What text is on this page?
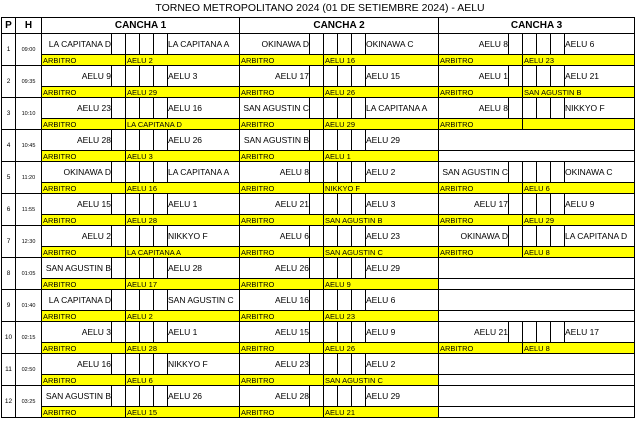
TORNEO METROPOLITANO 2024 (01 DE SETIEMBRE 2024) - AELU
P	H	CANCHA 1						CANCHA 2						CANCHA 3					
1	09:00	LA CAPITANA D					LA CAPITANA A	OKINAWA D					OKINAWA C	AELU 8					AELU 6
		ARBITRO		AELU 2				ARBITRO		AELU 16				ARBITRO		AELU 23			
2	09:35	AELU 9					AELU 3	AELU 17					AELU 15	AELU 1					AELU 21
		ARBITRO		AELU 29				ARBITRO		AELU 26				ARBITRO		SAN AGUSTIN B			
3	10:10	AELU 23					AELU 16	SAN AGUSTIN C					LA CAPITANA A	AELU 8					NIKKYO F
		ARBITRO		LA CAPITANA D				ARBITRO		AELU 29				ARBITRO					
4	10:45	AELU 28					AELU 26	SAN AGUSTIN B					AELU 29						
		ARBITRO		AELU 3				ARBITRO		AELU 1									
5	11:20	OKINAWA D					LA CAPITANA A	AELU 8					AELU 2	SAN AGUSTIN C					OKINAWA C
		ARBITRO		AELU 16				ARBITRO		NIKKYO F				ARBITRO		AELU 6			
6	11:55	AELU 15					AELU 1	AELU 21					AELU 3	AELU 17					AELU 9
		ARBITRO		AELU 28				ARBITRO		SAN AGUSTIN B				ARBITRO		AELU 29			
7	12:30	AELU 2					NIKKYO F	AELU 6					AELU 23	OKINAWA D					LA CAPITANA D
		ARBITRO		LA CAPITANA A				ARBITRO		SAN AGUSTIN C				ARBITRO		AELU 8			
8	01:05	SAN AGUSTIN B					AELU 28	AELU 26					AELU 29						
		ARBITRO		AELU 17				ARBITRO		AELU 9									
9	01:40	LA CAPITANA D					SAN AGUSTIN C	AELU 16					AELU 6						
		ARBITRO		AELU 2				ARBITRO		AELU 23									
10	02:15	AELU 3					AELU 1	AELU 15					AELU 9	AELU 21					AELU 17
		ARBITRO		AELU 28				ARBITRO		AELU 26				ARBITRO		AELU 8			
11	02:50	AELU 16					NIKKYO F	AELU 23					AELU 2						
		ARBITRO		AELU 6				ARBITRO		SAN AGUSTIN C									
12	03:25	SAN AGUSTIN B					AELU 26	AELU 28					AELU 29						
		ARBITRO		AELU 15				ARBITRO		AELU 21									
